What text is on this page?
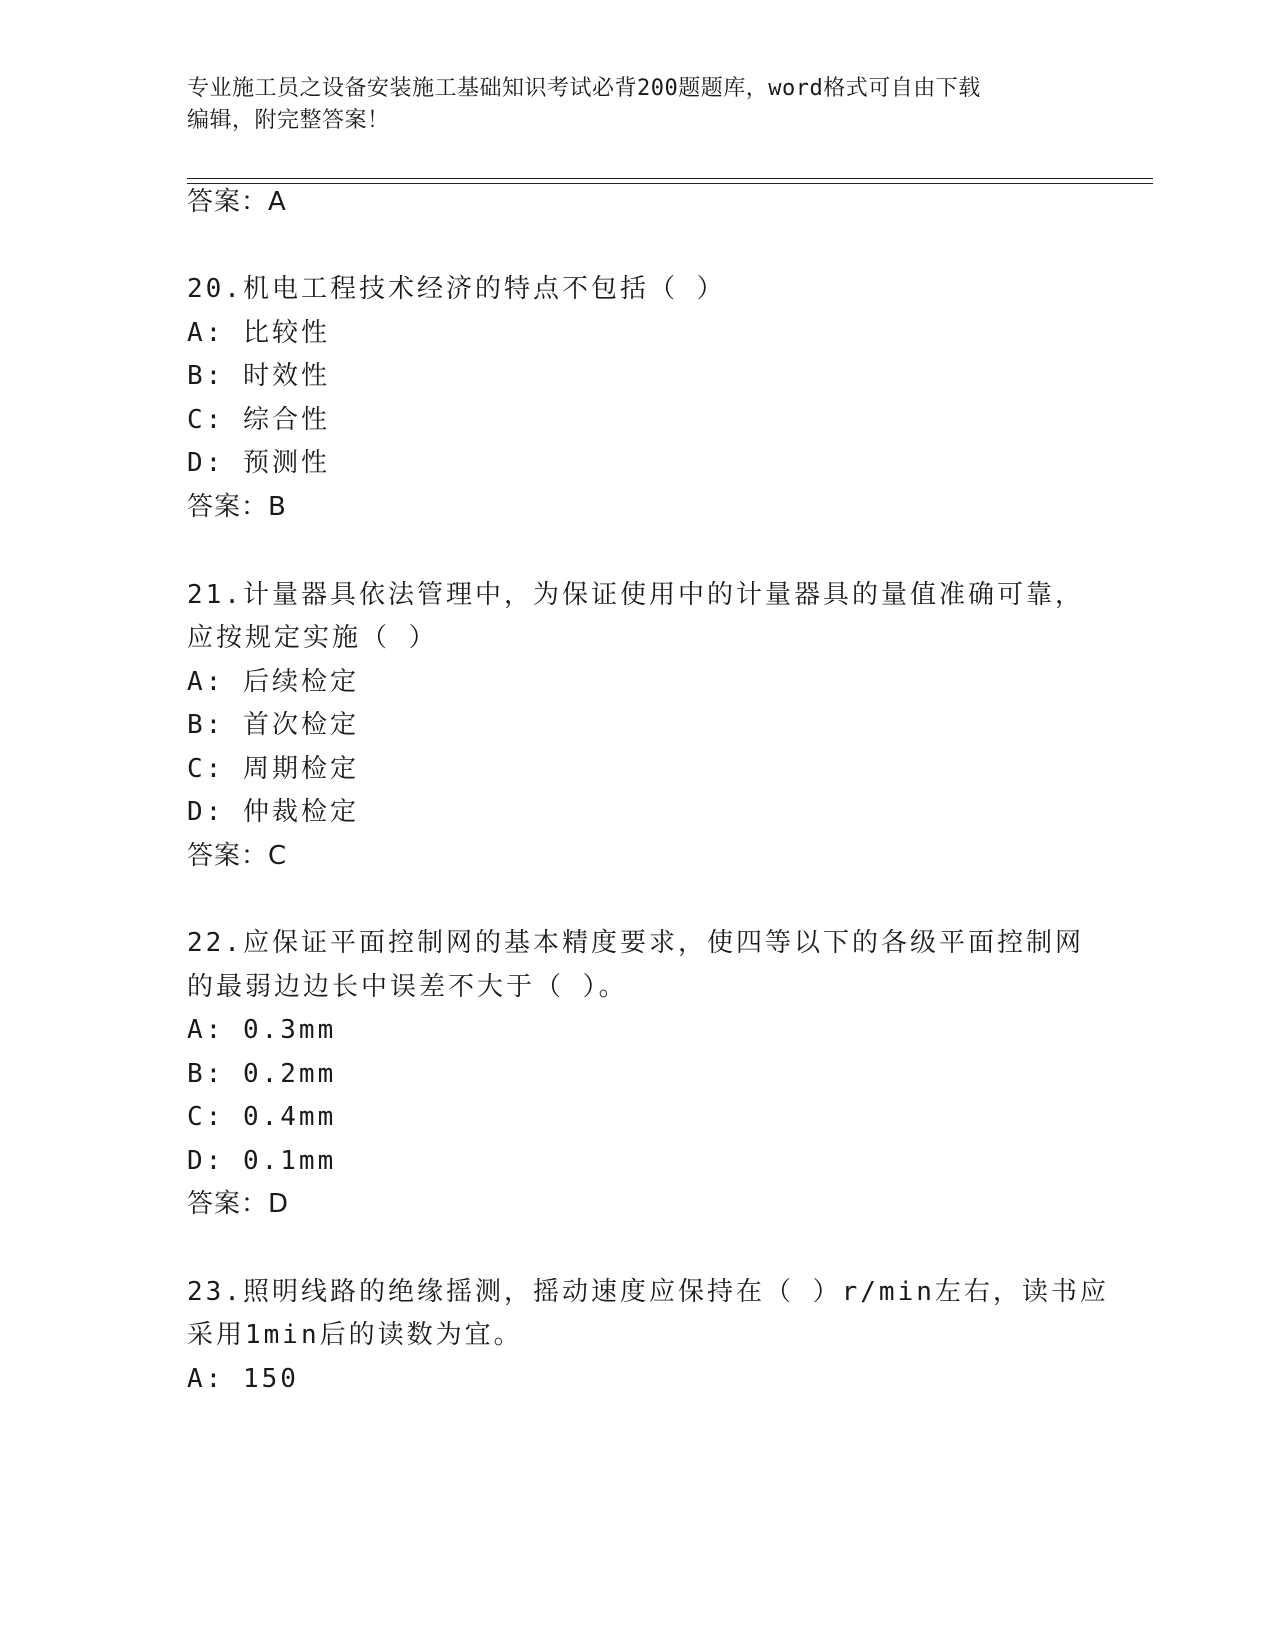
专业施工员之设备安装施工基础知识考试必背200题题库，word格式可自由下载
编辑，附完整答案！
答案：A
20.机电工程技术经济的特点不包括（ ）
A: 比较性
B: 时效性
C: 综合性
D: 预测性
答案：B
21.计量器具依法管理中，为保证使用中的计量器具的量值准确可靠，
应按规定实施（ ）
A: 后续检定
B: 首次检定
C: 周期检定
D: 仲裁检定
答案：C
22.应保证平面控制网的基本精度要求，使四等以下的各级平面控制网
的最弱边边长中误差不大于（ ）。
A: 0.3mm
B: 0.2mm
C: 0.4mm
D: 0.1mm
答案：D
23.照明线路的绝缘摇测，摇动速度应保持在（ ）r/min左右，读书应
采用1min后的读数为宜。
A: 150
